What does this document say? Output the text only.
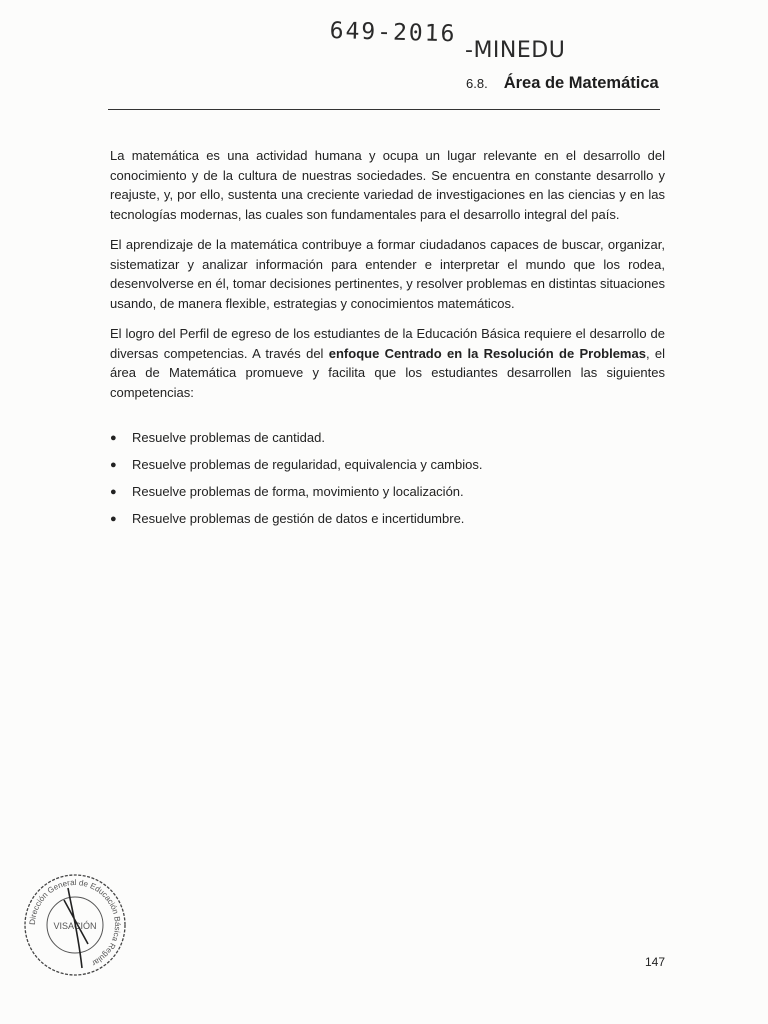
649-2016
-MINEDU
6.8. Área de Matemática

La matemática es una actividad humana y ocupa un lugar relevante en el desarrollo del conocimiento y de la cultura de nuestras sociedades. Se encuentra en constante desarrollo y reajuste, y, por ello, sustenta una creciente variedad de investigaciones en las ciencias y en las tecnologías modernas, las cuales son fundamentales para el desarrollo integral del país.

El aprendizaje de la matemática contribuye a formar ciudadanos capaces de buscar, organizar, sistematizar y analizar información para entender e interpretar el mundo que los rodea, desenvolverse en él, tomar decisiones pertinentes, y resolver problemas en distintas situaciones usando, de manera flexible, estrategias y conocimientos matemáticos.

El logro del Perfil de egreso de los estudiantes de la Educación Básica requiere el desarrollo de diversas competencias. A través del enfoque Centrado en la Resolución de Problemas, el área de Matemática promueve y facilita que los estudiantes desarrollen las siguientes competencias:

● Resuelve problemas de cantidad.
● Resuelve problemas de regularidad, equivalencia y cambios.
● Resuelve problemas de forma, movimiento y localización.
● Resuelve problemas de gestión de datos e incertidumbre.
Dirección General de Educación Básica Regular
VISACIÓN
147
